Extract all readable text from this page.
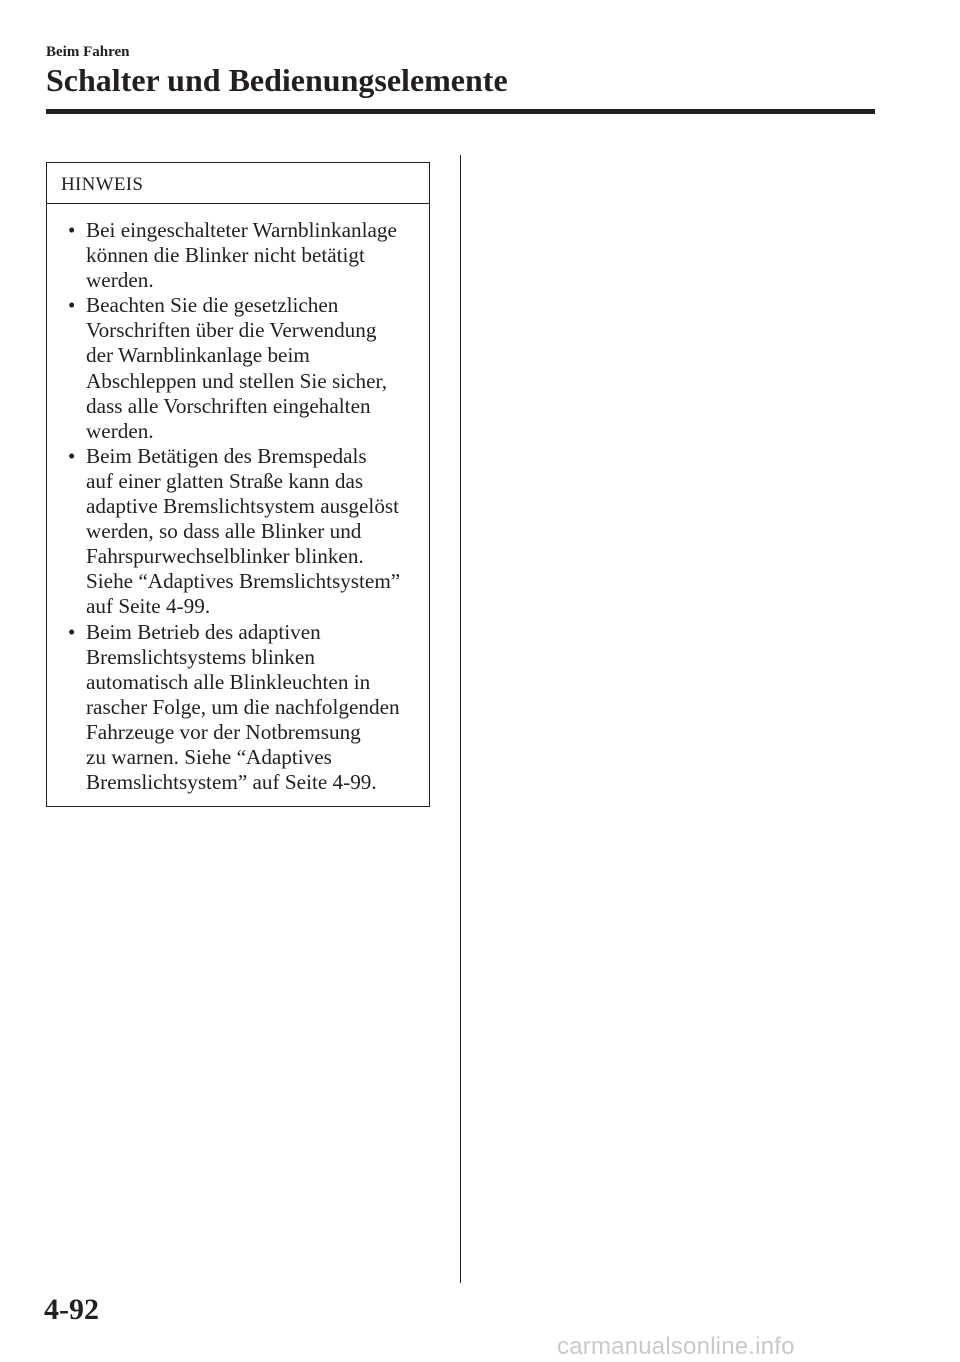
Beim Fahren
Schalter und Bedienungselemente
HINWEIS
• Bei eingeschalteter Warnblinkanlage
können die Blinker nicht betätigt
werden.
• Beachten Sie die gesetzlichen
Vorschriften über die Verwendung
der Warnblinkanlage beim
Abschleppen und stellen Sie sicher,
dass alle Vorschriften eingehalten
werden.
• Beim Betätigen des Bremspedals
auf einer glatten Straße kann das
adaptive Bremslichtsystem ausgelöst
werden, so dass alle Blinker und
Fahrspurwechselblinker blinken.
Siehe “Adaptives Bremslichtsystem”
auf Seite 4-99.
• Beim Betrieb des adaptiven
Bremslichtsystems blinken
automatisch alle Blinkleuchten in
rascher Folge, um die nachfolgenden
Fahrzeuge vor der Notbremsung
zu warnen. Siehe “Adaptives
Bremslichtsystem” auf Seite 4-99.
4-92
carmanualsonline.info
